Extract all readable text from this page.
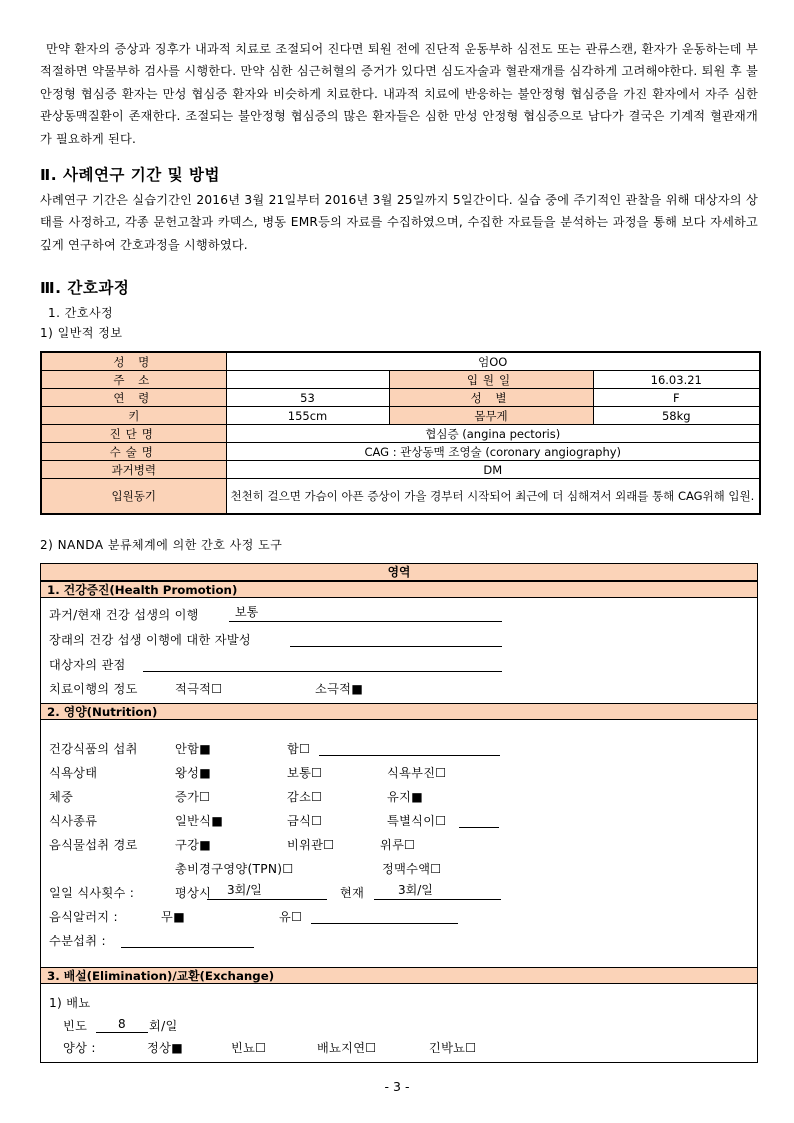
만약 환자의 증상과 징후가 내과적 치료로 조절되어 진다면 퇴원 전에 진단적 운동부하 심전도 또는 관류스캔, 환자가 운동하는데 부적절하면 약물부하 검사를 시행한다. 만약 심한 심근허혈의 증거가 있다면 심도자술과 혈관재개를 심각하게 고려해야한다. 퇴원 후 불안정형 협심증 환자는 만성 협심증 환자와 비슷하게 치료한다. 내과적 치료에 반응하는 불안정형 협심증을 가진 환자에서 자주 심한 관상동맥질환이 존재한다. 조절되는 불안정형 협심증의 많은 환자들은 심한 만성 안정형 협심증으로 남다가 결국은 기계적 혈관재개가 필요하게 된다.

Ⅱ. 사례연구 기간 및 방법

사례연구 기간은 실습기간인 2016년 3월 21일부터 2016년 3월 25일까지 5일간이다. 실습 중에 주기적인 관찰을 위해 대상자의 상태를 사정하고, 각종 문헌고찰과 카덱스, 병동 EMR등의 자료를 수집하였으며, 수집한 자료들을 분석하는 과정을 통해 보다 자세하고 깊게 연구하여 간호과정을 시행하였다.

Ⅲ. 간호과정

1. 간호사정

1) 일반적 정보

성 명	엄OO		
주 소		입원일	16.03.21
연 령	53	성 별	F
키	155cm	몸무게	58kg
진단명	협심증 (angina pectoris)		
수술명	CAG : 관상동맥 조영술 (coronary angiography)		
과거병력	DM		
입원동기	천천히 걸으면 가슴이 아픈 증상이 가을 경부터 시작되어 최근에 더 심해져서 외래를 통해 CAG위해 입원.		

2) NANDA 분류체계에 의한 간호 사정 도구

영역
1. 건강증진(Health Promotion)
과거/현재 건강 섭생의 이행	보통
장래의 건강 섭생 이행에 대한 자발성
대상자의 관점
치료이행의 정도	적극적☐	소극적■
2. 영양(Nutrition)
건강식품의 섭취	안함■	함☐
식욕상태	왕성■	보통☐	식욕부진☐
체중	증가☐	감소☐	유지■
식사종류	일반식■	금식☐	특별식이☐
음식물섭취 경로	구강■	비위관☐	위루☐
총비경구영양(TPN)☐	정맥수액☐
일일 식사횟수 :	평상시 3회/일	현재	3회/일
음식알러지 :	무■	유☐
수분섭취 :
3. 배설(Elimination)/교환(Exchange)
1) 배뇨
빈도	8 회/일
양상 :	정상■	빈뇨☐	배뇨지연☐	긴박뇨☐
- 3 -
